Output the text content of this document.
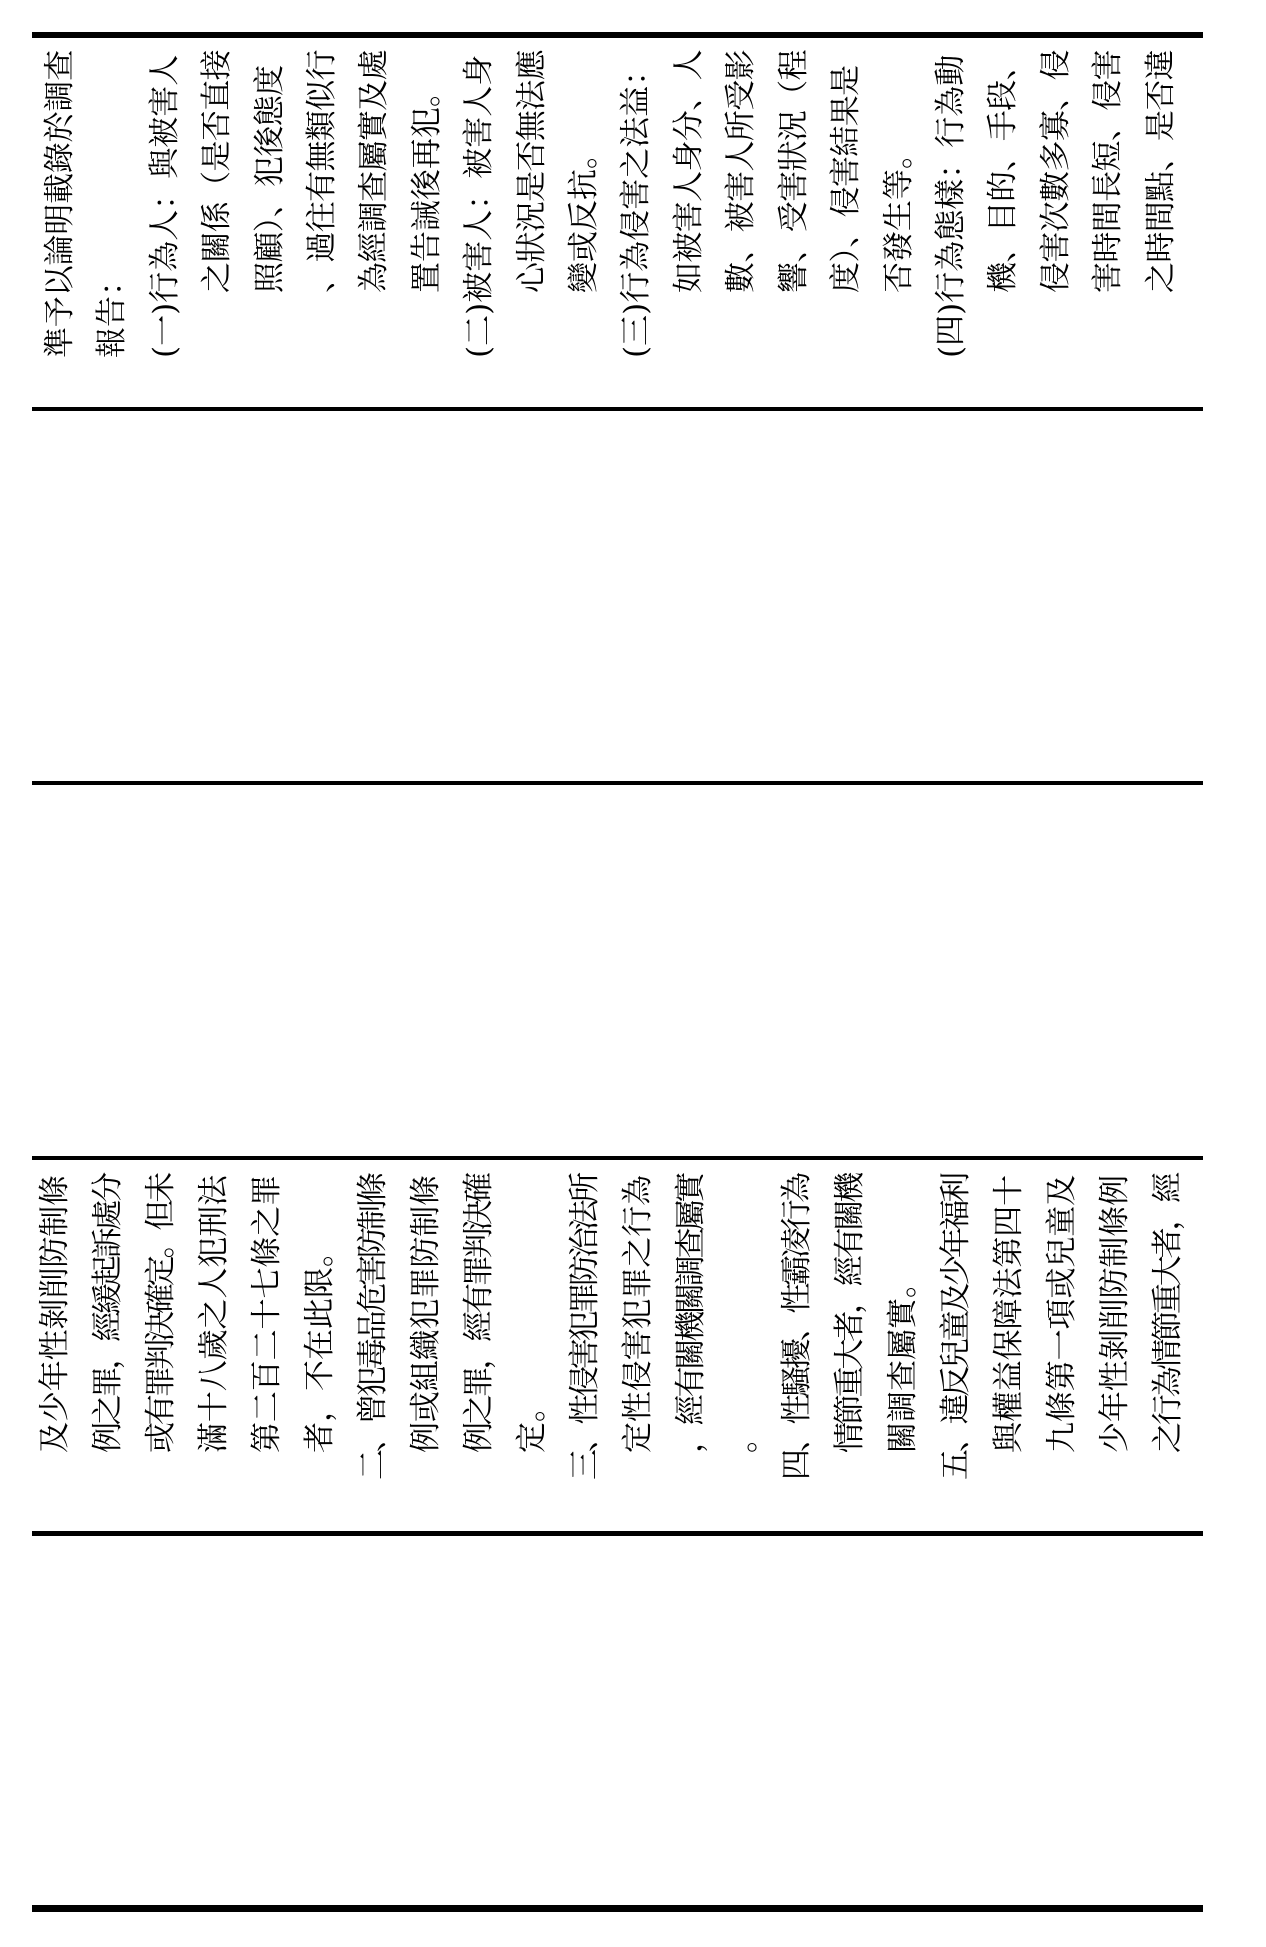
準予以論明載錄於調查 報告： (一)行為人：與被害人 之關係（是否直接 照顧）、犯後態度 、過往有無類似行 為經調查屬實及處 置告誡後再犯。 (二)被害人：被害人身 心狀況是否無法應 變或反抗。 (三)行為侵害之法益： 如被害人身分、人 數、被害人所受影 響、受害狀況（程 度）、侵害結果是 否發生等。 (四)行為態樣：行為動 機、目的、手段、 侵害次數多寡、侵 害時間長短、侵害 之時間點、是否違
及少年性剝削防制條 例之罪，經緩起訴處分 或有罪判決確定。但未 滿十八歲之人犯刑法 第二百二十七條之罪 者，不在此限。 二、曾犯毒品危害防制條 例或組織犯罪防制條 例之罪，經有罪判決確 定。 三、性侵害犯罪防治法所 定性侵害犯罪之行為 ，經有關機關調查屬實 。 四、性騷擾、性霸凌行為 情節重大者，經有關機 關調查屬實。 五、違反兒童及少年福利 與權益保障法第四十 九條第一項或兒童及 少年性剝削防制條例 之行為情節重大者，經
